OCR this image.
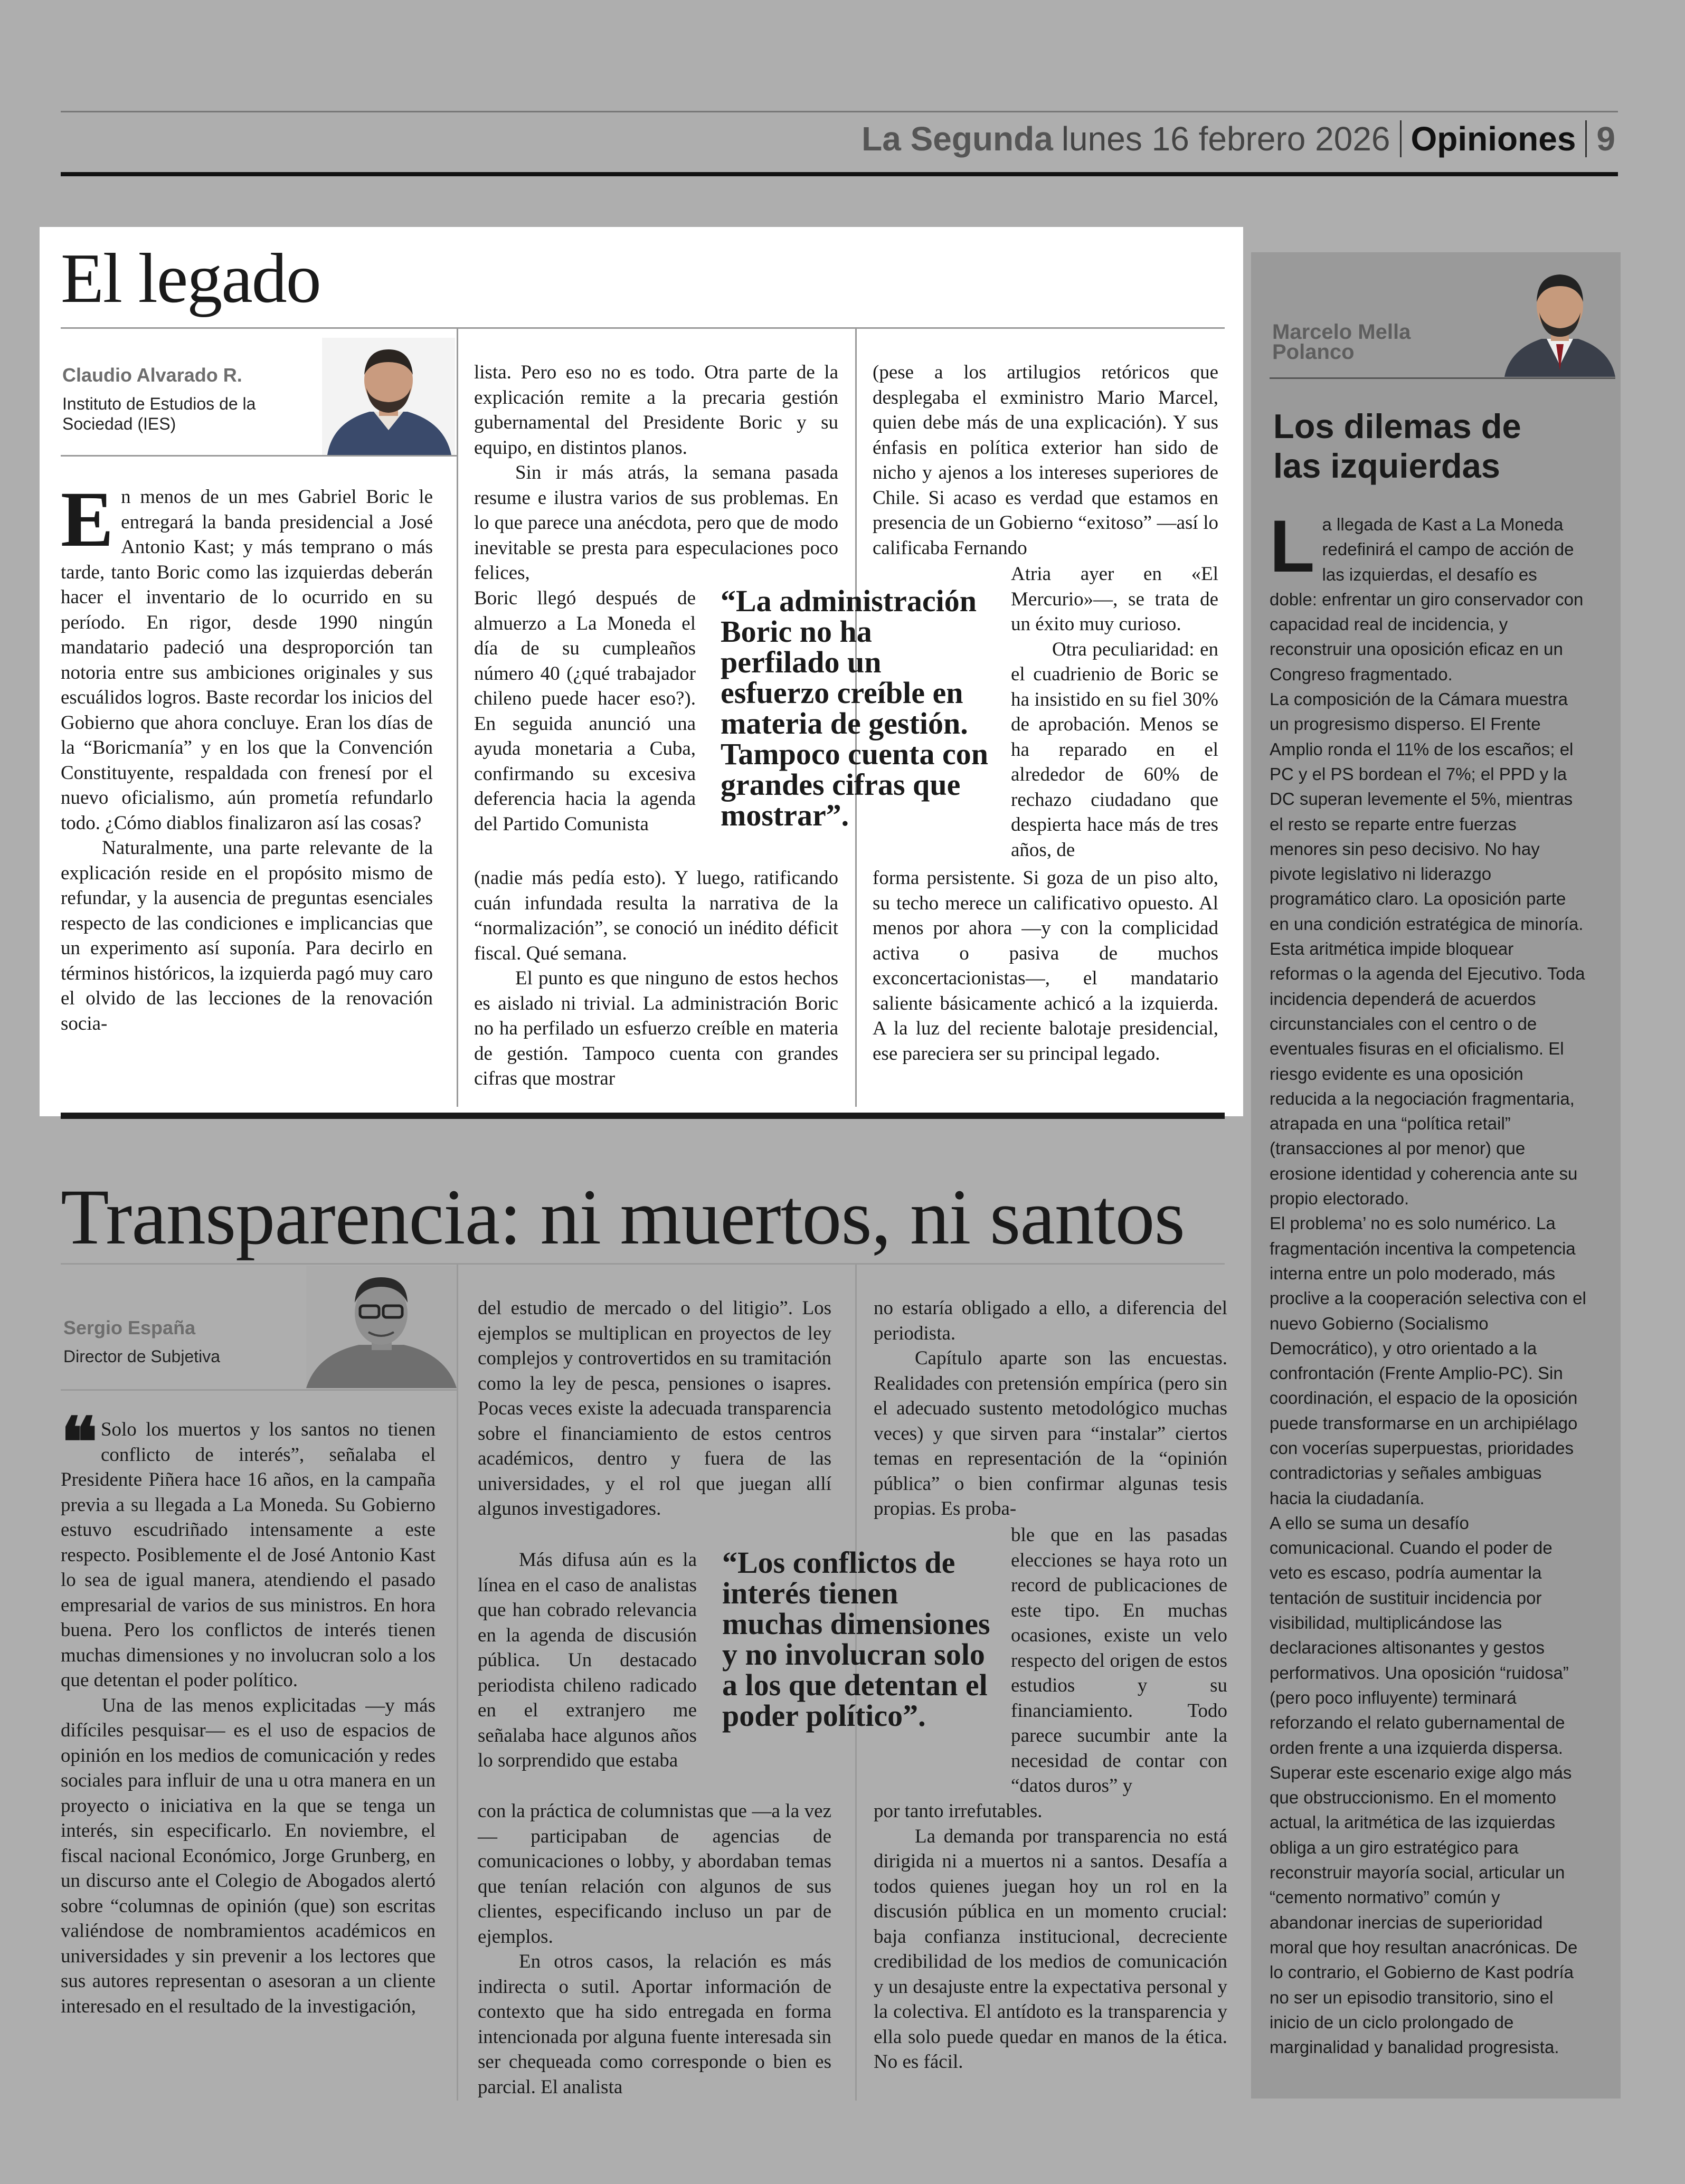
La Segunda lunes 16 febrero 2026 Opiniones 9
El legado
Claudio Alvarado R.
Instituto de Estudios de la Sociedad (IES)

En menos de un mes Gabriel Boric le entregará la banda presidencial a José Antonio Kast; y más temprano o más tarde, tanto Boric como las izquierdas deberán hacer el inventario de lo ocurrido en su período. En rigor, desde 1990 ningún mandatario padeció una desproporción tan notoria entre sus ambiciones originales y sus escuálidos logros. Baste recordar los inicios del Gobierno que ahora concluye. Eran los días de la “Boricmanía” y en los que la Convención Constituyente, respaldada con frenesí por el nuevo oficialismo, aún prometía refundarlo todo. ¿Cómo diablos finalizaron así las cosas?

Naturalmente, una parte relevante de la explicación reside en el propósito mismo de refundar, y la ausencia de preguntas esenciales respecto de las condiciones e implicancias que un experimento así suponía. Para decirlo en términos históricos, la izquierda pagó muy caro el olvido de las lecciones de la renovación socia-

lista. Pero eso no es todo. Otra parte de la explicación remite a la precaria gestión gubernamental del Presidente Boric y su equipo, en distintos planos.

Sin ir más atrás, la semana pasada resume e ilustra varios de sus problemas. En lo que parece una anécdota, pero que de modo inevitable se presta para especulaciones poco felices,

Boric llegó después de almuerzo a La Moneda el día de su cumpleaños número 40 (¿qué trabajador chileno puede hacer eso?). En seguida anunció una ayuda monetaria a Cuba, confirmando su excesiva deferencia hacia la agenda del Partido Comunista

(nadie más pedía esto). Y luego, ratificando cuán infundada resulta la narrativa de la “normalización”, se conoció un inédito déficit fiscal. Qué semana.

El punto es que ninguno de estos hechos es aislado ni trivial. La administración Boric no ha perfilado un esfuerzo creíble en materia de gestión. Tampoco cuenta con grandes cifras que mostrar

“La administración Boric no ha perfilado un esfuerzo creíble en materia de gestión. Tampoco cuenta con grandes cifras que mostrar”.

(pese a los artilugios retóricos que desplegaba el exministro Mario Marcel, quien debe más de una explicación). Y sus énfasis en política exterior han sido de nicho y ajenos a los intereses superiores de Chile. Si acaso es verdad que estamos en presencia de un Gobierno “exitoso” —así lo calificaba Fernando

Atria ayer en «El Mercurio»—, se trata de un éxito muy curioso.

Otra peculiaridad: en el cuadrienio de Boric se ha insistido en su fiel 30% de aprobación. Menos se ha reparado en el alrededor de 60% de rechazo ciudadano que despierta hace más de tres años, de

forma persistente. Si goza de un piso alto, su techo merece un calificativo opuesto. Al menos por ahora —y con la complicidad activa o pasiva de muchos exconcertacionistas—, el mandatario saliente básicamente achicó a la izquierda. A la luz del reciente balotaje presidencial, ese pareciera ser su principal legado.

Transparencia: ni muertos, ni santos
Sergio España
Director de Subjetiva

❝ Solo los muertos y los santos no tienen conflicto de interés”, señalaba el Presidente Piñera hace 16 años, en la campaña previa a su llegada a La Moneda. Su Gobierno estuvo escudriñado intensamente a este respecto. Posiblemente el de José Antonio Kast lo sea de igual manera, atendiendo el pasado empresarial de varios de sus ministros. En hora buena. Pero los conflictos de interés tienen muchas dimensiones y no involucran solo a los que detentan el poder político.

Una de las menos explicitadas —y más difíciles pesquisar— es el uso de espacios de opinión en los medios de comunicación y redes sociales para influir de una u otra manera en un proyecto o iniciativa en la que se tenga un interés, sin especificarlo. En noviembre, el fiscal nacional Económico, Jorge Grunberg, en un discurso ante el Colegio de Abogados alertó sobre “columnas de opinión (que) son escritas valiéndose de nombramientos académicos en universidades y sin prevenir a los lectores que sus autores representan o asesoran a un cliente interesado en el resultado de la investigación,

del estudio de mercado o del litigio”. Los ejemplos se multiplican en proyectos de ley complejos y controvertidos en su tramitación como la ley de pesca, pensiones o isapres. Pocas veces existe la adecuada transparencia sobre el financiamiento de estos centros académicos, dentro y fuera de las universidades, y el rol que juegan allí algunos investigadores.

Más difusa aún es la línea en el caso de analistas que han cobrado relevancia en la agenda de discusión pública. Un destacado periodista chileno radicado en el extranjero me señalaba hace algunos años lo sorprendido que estaba

con la práctica de columnistas que —a la vez— participaban de agencias de comunicaciones o lobby, y abordaban temas que tenían relación con algunos de sus clientes, especificando incluso un par de ejemplos.

En otros casos, la relación es más indirecta o sutil. Aportar información de contexto que ha sido entregada en forma intencionada por alguna fuente interesada sin ser chequeada como corresponde o bien es parcial. El analista

“Los conflictos de interés tienen muchas dimensiones y no involucran solo a los que detentan el poder político”.

no estaría obligado a ello, a diferencia del periodista.

Capítulo aparte son las encuestas. Realidades con pretensión empírica (pero sin el adecuado sustento metodológico muchas veces) y que sirven para “instalar” ciertos temas en representación de la “opinión pública” o bien confirmar algunas tesis propias. Es proba-

ble que en las pasadas elecciones se haya roto un record de publicaciones de este tipo. En muchas ocasiones, existe un velo respecto del origen de estos estudios y su financiamiento. Todo parece sucumbir ante la necesidad de contar con “datos duros” y

por tanto irrefutables.

La demanda por transparencia no está dirigida ni a muertos ni a santos. Desafía a todos quienes juegan hoy un rol en la discusión pública en un momento crucial: baja confianza institucional, decreciente credibilidad de los medios de comunicación y un desajuste entre la expectativa personal y la colectiva. El antídoto es la transparencia y ella solo puede quedar en manos de la ética. No es fácil.

Marcelo Mella
Polanco
Los dilemas de
las izquierdas

La llegada de Kast a La Moneda redefinirá el campo de acción de las izquierdas, el desafío es doble: enfrentar un giro conservador con capacidad real de incidencia, y reconstruir una oposición eficaz en un Congreso fragmentado.

La composición de la Cámara muestra un progresismo disperso. El Frente Amplio ronda el 11% de los escaños; el PC y el PS bordean el 7%; el PPD y la DC superan levemente el 5%, mientras el resto se reparte entre fuerzas menores sin peso decisivo. No hay pivote legislativo ni liderazgo programático claro. La oposición parte en una condición estratégica de minoría.

Esta aritmética impide bloquear reformas o la agenda del Ejecutivo. Toda incidencia dependerá de acuerdos circunstanciales con el centro o de eventuales fisuras en el oficialismo. El riesgo evidente es una oposición reducida a la negociación fragmentaria, atrapada en una “política retail” (transacciones al por menor) que erosione identidad y coherencia ante su propio electorado.

El problema’ no es solo numérico. La fragmentación incentiva la competencia interna entre un polo moderado, más proclive a la cooperación selectiva con el nuevo Gobierno (Socialismo Democrático), y otro orientado a la confrontación (Frente Amplio-PC). Sin coordinación, el espacio de la oposición puede transformarse en un archipiélago con vocerías superpuestas, prioridades contradictorias y señales ambiguas hacia la ciudadanía.

A ello se suma un desafío comunicacional. Cuando el poder de veto es escaso, podría aumentar la tentación de sustituir incidencia por visibilidad, multiplicándose las declaraciones altisonantes y gestos performativos. Una oposición “ruidosa” (pero poco influyente) terminará reforzando el relato gubernamental de orden frente a una izquierda dispersa.

Superar este escenario exige algo más que obstruccionismo. En el momento actual, la aritmética de las izquierdas obliga a un giro estratégico para reconstruir mayoría social, articular un “cemento normativo” común y abandonar inercias de superioridad moral que hoy resultan anacrónicas. De lo contrario, el Gobierno de Kast podría no ser un episodio transitorio, sino el inicio de un ciclo prolongado de marginalidad y banalidad progresista.
